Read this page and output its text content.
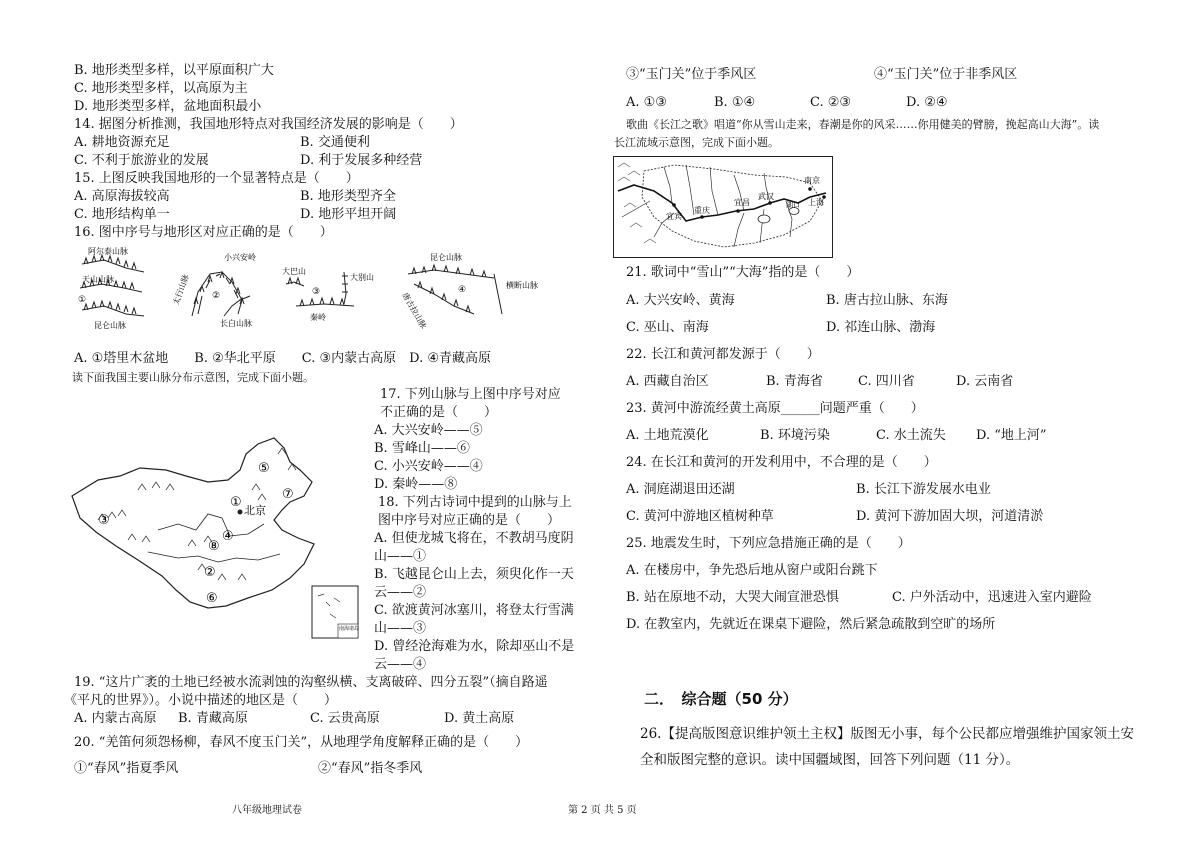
B. 地形类型多样，以平原面积广大
C. 地形类型多样，以高原为主
D. 地形类型多样，盆地面积最小
14. 据图分析推测，我国地形特点对我国经济发展的影响是（　　）
A. 耕地资源充足	B. 交通便利
C. 不利于旅游业的发展	D. 利于发展多种经营
15. 上图反映我国地形的一个显著特点是（　　）
A. 高原海拔较高	B. 地形类型齐全
C. 地形结构单一	D. 地形平坦开阔
16. 图中序号与地形区对应正确的是（　　）
阿尔泰山脉
天山山脉
①
昆仑山脉
太行山脉
小兴安岭
②
长白山脉
大巴山
大别山
③
秦岭
昆仑山脉
唐古拉山脉
横断山脉
④
A. ①塔里木盆地　　B. ②华北平原　　C. ③内蒙古高原　D. ④青藏高原
读下面我国主要山脉分布示意图，完成下面小题。
北京
①
②
③
④
⑤
⑥
⑦
⑧
南海诸岛
17. 下列山脉与上图中序号对应
不正确的是（　　）
A. 大兴安岭——⑤
B. 雪峰山——⑥
C. 小兴安岭——④
D. 秦岭——⑧
18. 下列古诗词中提到的山脉与上
图中序号对应正确的是（　　）
A. 但使龙城飞将在，不教胡马度阴
山——①
B. 飞越昆仑山上去，须臾化作一天
云——②
C. 欲渡黄河冰塞川，将登太行雪满
山——③
D. 曾经沧海难为水，除却巫山不是
云——④
19. “这片广袤的土地已经被水流剥蚀的沟壑纵横、支离破碎、四分五裂”（摘自路遥
《平凡的世界》）。小说中描述的地区是（　　）
A. 内蒙古高原 B. 青藏高原	C. 云贵高原	D. 黄土高原
20. “羌笛何须怨杨柳，春风不度玉门关”，从地理学角度解释正确的是（　　）
①“春风”指夏季风	②“春风”指冬季风
八年级地理试卷	第 2 页 共 5 页
③“玉门关”位于季风区	④“玉门关”位于非季风区
A. ①③	B. ①④	C. ②③	D. ②④
歌曲《长江之歌》唱道“你从雪山走来，春潮是你的风采……你用健美的臂膀，挽起高山大海”。读
长江流域示意图，完成下面小题。
重庆
宜宾
宜昌
武汉
南京
上海
湖口
21. 歌词中“雪山”“大海”指的是（　　）
A. 大兴安岭、黄海	B. 唐古拉山脉、东海
C. 巫山、南海	D. 祁连山脉、渤海
22. 长江和黄河都发源于（　　）
A. 西藏自治区	B. 青海省	C. 四川省	D. 云南省
23. 黄河中游流经黄土高原______问题严重（　　）
A. 土地荒漠化	B. 环境污染	C. 水土流失 D. “地上河”
24. 在长江和黄河的开发利用中，不合理的是（　　）
A. 洞庭湖退田还湖	B. 长江下游发展水电业
C. 黄河中游地区植树种草	D. 黄河下游加固大坝，河道清淤
25. 地震发生时，下列应急措施正确的是（　　）
A. 在楼房中，争先恐后地从窗户或阳台跳下
B. 站在原地不动，大哭大闹宣泄恐惧	C. 户外活动中，迅速进入室内避险
D. 在教室内，先就近在课桌下避险，然后紧急疏散到空旷的场所
二．　综合题（50 分）
26.【提高版图意识维护领土主权】版图无小事，每个公民都应增强维护国家领土安
全和版图完整的意识。读中国疆域图，回答下列问题（11 分）。
